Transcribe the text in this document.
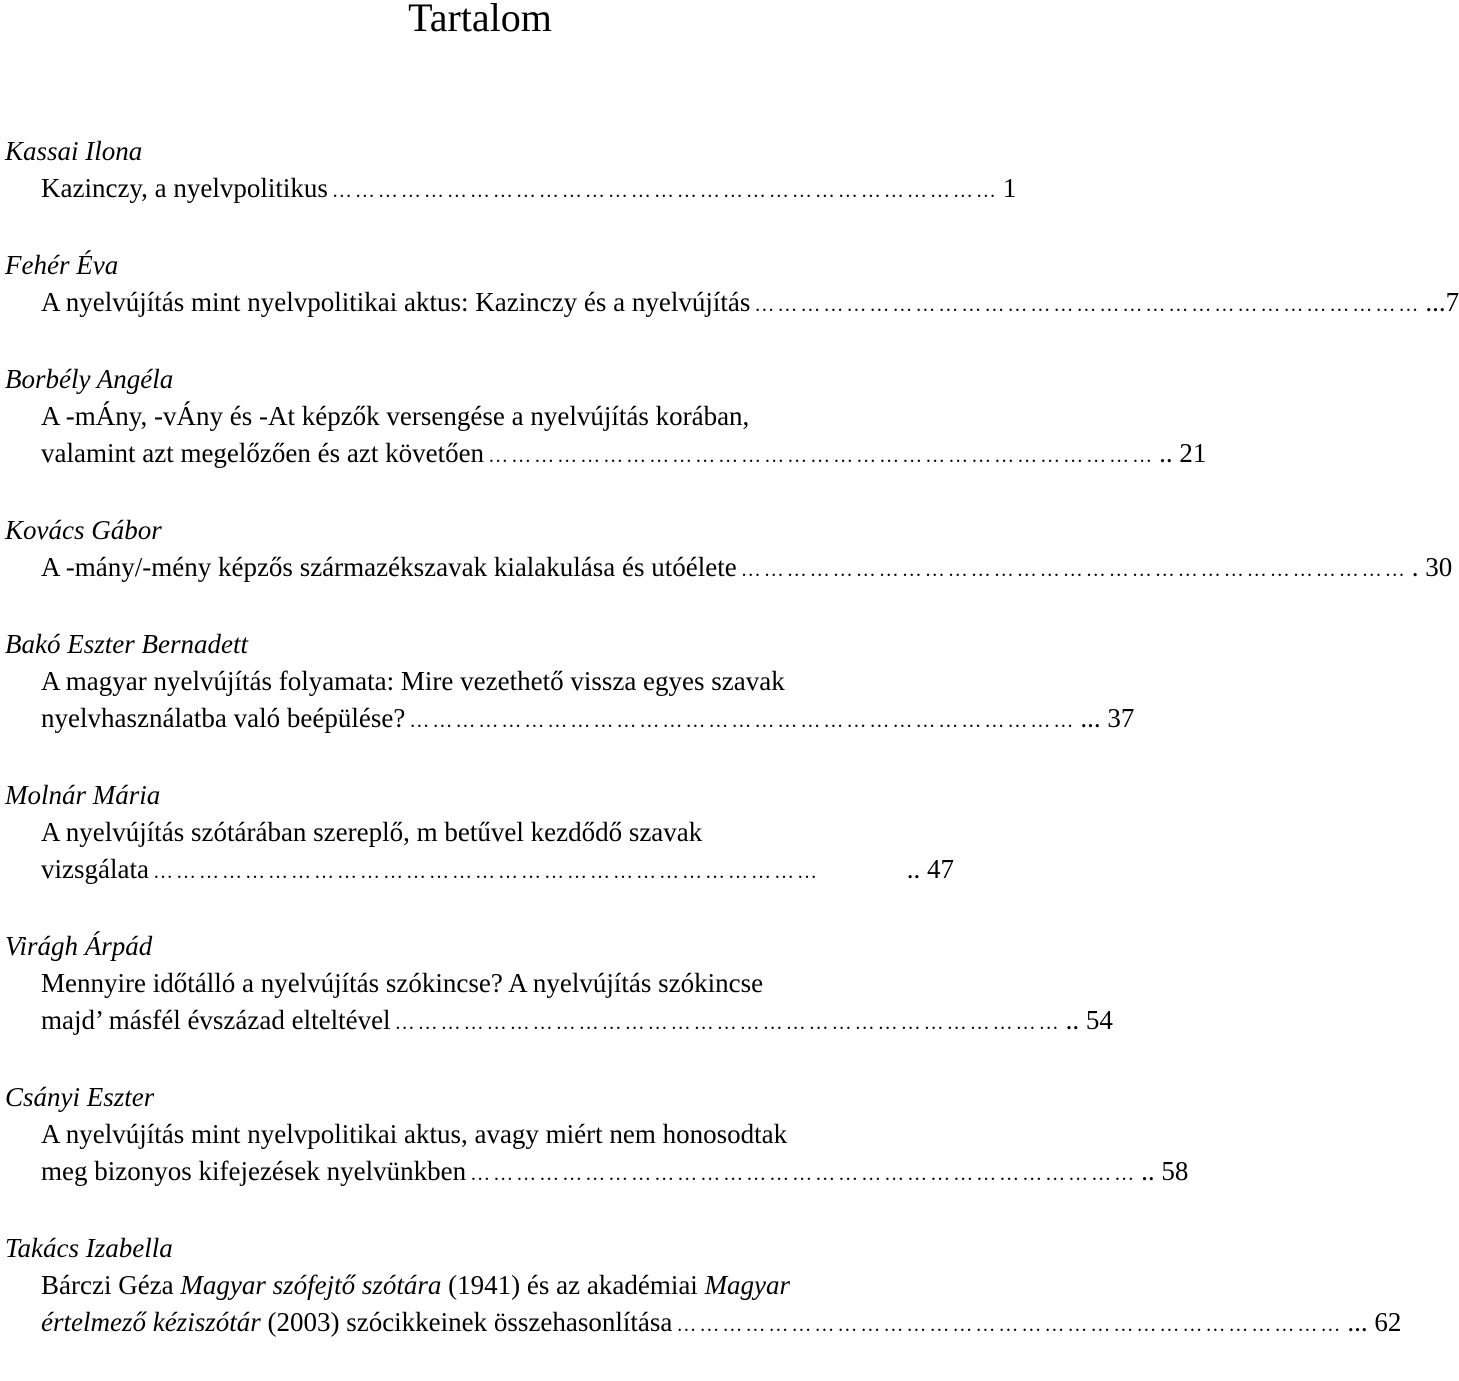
Tartalom
Kassai Ilona
Kazinczy, a nyelvpolitikus …………………………………………………………………………… 1
Fehér Éva
A nyelvújítás mint nyelvpolitikai aktus: Kazinczy és a nyelvújítás …………………………………………………………………………… ...7
Borbély Angéla
A -mÁny, -vÁny és -At képzők versengése a nyelvújítás korában,
valamint azt megelőzően és azt követően …………………………………………………………………………… .. 21
Kovács Gábor
A -mány/-mény képzős származékszavak kialakulása és utóélete …………………………………………………………………………… . 30
Bakó Eszter Bernadett
A magyar nyelvújítás folyamata: Mire vezethető vissza egyes szavak
nyelvhasználatba való beépülése? …………………………………………………………………………… ... 37
Molnár Mária
A nyelvújítás szótárában szereplő, m betűvel kezdődő szavak
vizsgálata ……………………………………………………………………………	.. 47
Virágh Árpád
Mennyire időtálló a nyelvújítás szókincse? A nyelvújítás szókincse
majd’ másfél évszázad elteltével …………………………………………………………………………… .. 54
Csányi Eszter
A nyelvújítás mint nyelvpolitikai aktus, avagy miért nem honosodtak
meg bizonyos kifejezések nyelvünkben …………………………………………………………………………… .. 58
Takács Izabella
Bárczi Géza Magyar szófejtő szótára (1941) és az akadémiai Magyar
értelmező kéziszótár (2003) szócikkeinek összehasonlítása …………………………………………………………………………… ... 62
